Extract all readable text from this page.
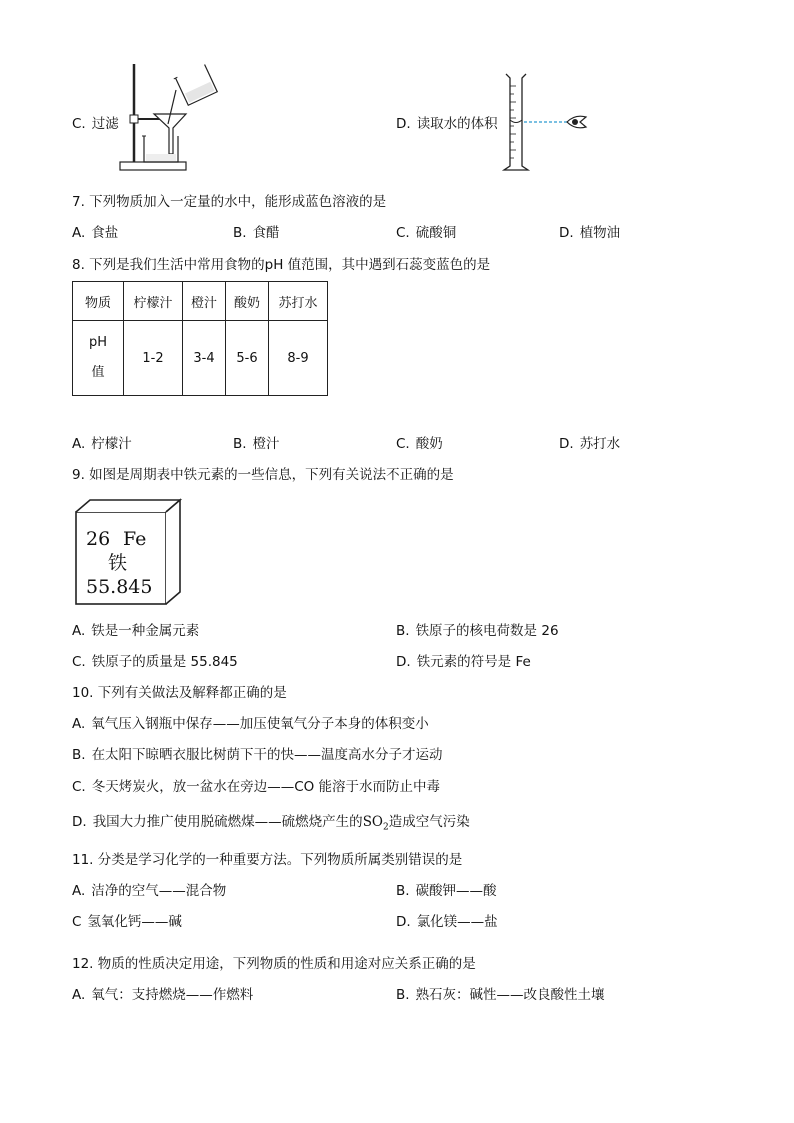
C. 过滤	D. 读取水的体积
7. 下列物质加入一定量的水中，能形成蓝色溶液的是
A. 食盐	B. 食醋	C. 硫酸铜	D. 植物油
8. 下列是我们生活中常用食物的pH 值范围，其中遇到石蕊变蓝色的是
物质	柠檬汁	橙汁	酸奶	苏打水

pH
值	1-2	3-4	5-6	8-9
A. 柠檬汁	B. 橙汁	C. 酸奶	D. 苏打水
9. 如图是周期表中铁元素的一些信息，下列有关说法不正确的是
26 Fe
铁
55.845
A. 铁是一种金属元素	B. 铁原子的核电荷数是 26
C. 铁原子的质量是 55.845	D. 铁元素的符号是 Fe
10. 下列有关做法及解释都正确的是
A. 氧气压入钢瓶中保存——加压使氧气分子本身的体积变小
B. 在太阳下晾晒衣服比树荫下干的快——温度高水分子才运动
C. 冬天烤炭火，放一盆水在旁边——CO 能溶于水而防止中毒
D. 我国大力推广使用脱硫燃煤——硫燃烧产生的$SO_2$造成空气污染
11. 分类是学习化学的一种重要方法。下列物质所属类别错误的是
A. 洁净的空气——混合物	B. 碳酸钾——酸
C 氢氧化钙——碱	D. 氯化镁——盐
12. 物质的性质决定用途，下列物质的性质和用途对应关系正确的是
A. 氧气：支持燃烧——作燃料	B. 熟石灰：碱性——改良酸性土壤
